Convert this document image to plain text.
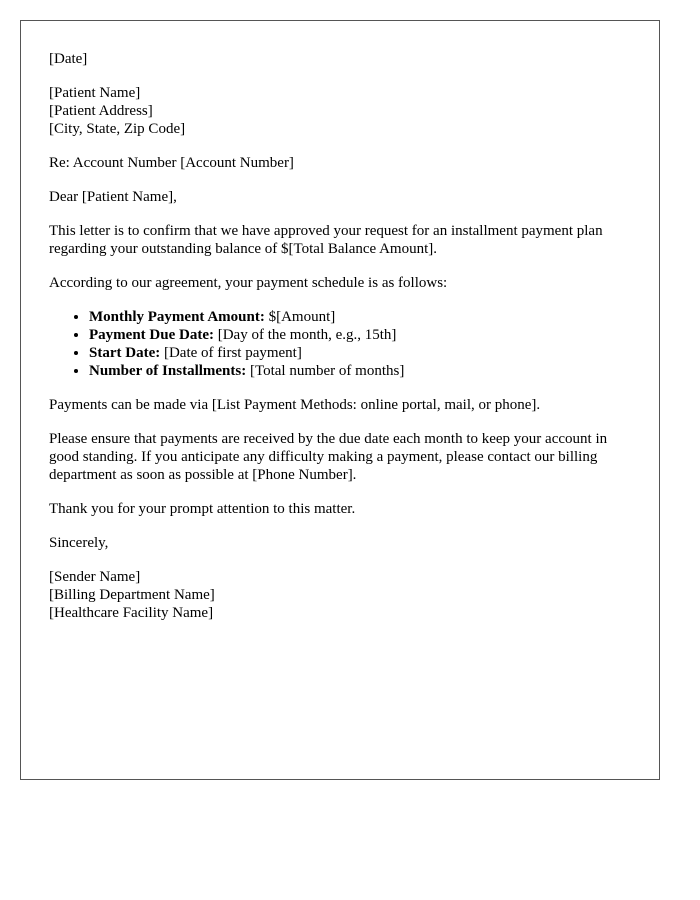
[Date]

[Patient Name]
[Patient Address]
[City, State, Zip Code]

Re: Account Number [Account Number]

Dear [Patient Name],

This letter is to confirm that we have approved your request for an installment payment plan regarding your outstanding balance of $[Total Balance Amount].

According to our agreement, your payment schedule is as follows:

• Monthly Payment Amount: $[Amount]
• Payment Due Date: [Day of the month, e.g., 15th]
• Start Date: [Date of first payment]
• Number of Installments: [Total number of months]

Payments can be made via [List Payment Methods: online portal, mail, or phone].

Please ensure that payments are received by the due date each month to keep your account in good standing. If you anticipate any difficulty making a payment, please contact our billing department as soon as possible at [Phone Number].

Thank you for your prompt attention to this matter.

Sincerely,

[Sender Name]
[Billing Department Name]
[Healthcare Facility Name]
